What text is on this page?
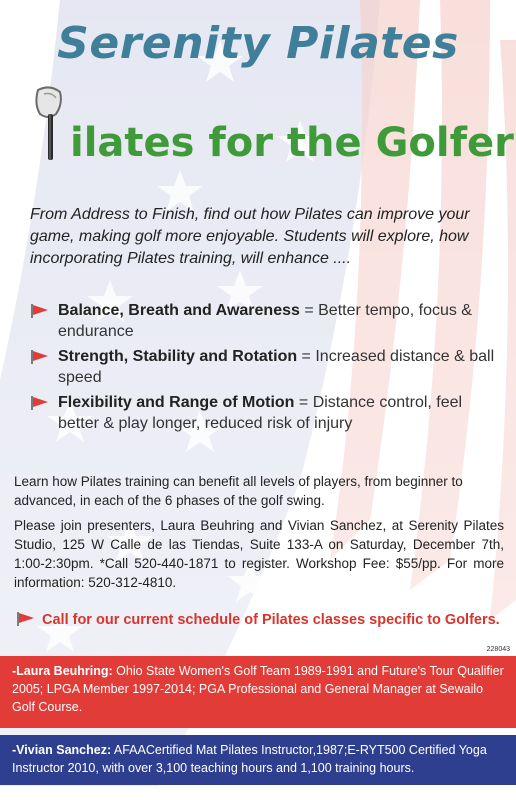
Serenity Pilates
ilates for the Golfer

From Address to Finish, find out how Pilates can improve your game, making golf more enjoyable. Students will explore, how incorporating Pilates training, will enhance ....

Balance, Breath and Awareness = Better tempo, focus & endurance
Strength, Stability and Rotation = Increased distance & ball speed
Flexibility and Range of Motion = Distance control, feel better & play longer, reduced risk of injury

Learn how Pilates training can benefit all levels of players, from beginner to advanced, in each of the 6 phases of the golf swing.

Please join presenters, Laura Beuhring and Vivian Sanchez, at Serenity Pilates Studio, 125 W Calle de las Tiendas, Suite 133-A on Saturday, December 7th, 1:00-2:30pm. *Call 520-440-1871 to register. Workshop Fee: $55/pp. For more information: 520-312-4810.

Call for our current schedule of Pilates classes specific to Golfers.
228043
-Laura Beuhring: Ohio State Women's Golf Team 1989-1991 and Future's Tour Qualifier 2005; LPGA Member 1997-2014; PGA Professional and General Manager at Sewailo Golf Course.
-Vivian Sanchez: AFAACertified Mat Pilates Instructor,1987;E-RYT500 Certified Yoga Instructor 2010, with over 3,100 teaching hours and 1,100 training hours.
